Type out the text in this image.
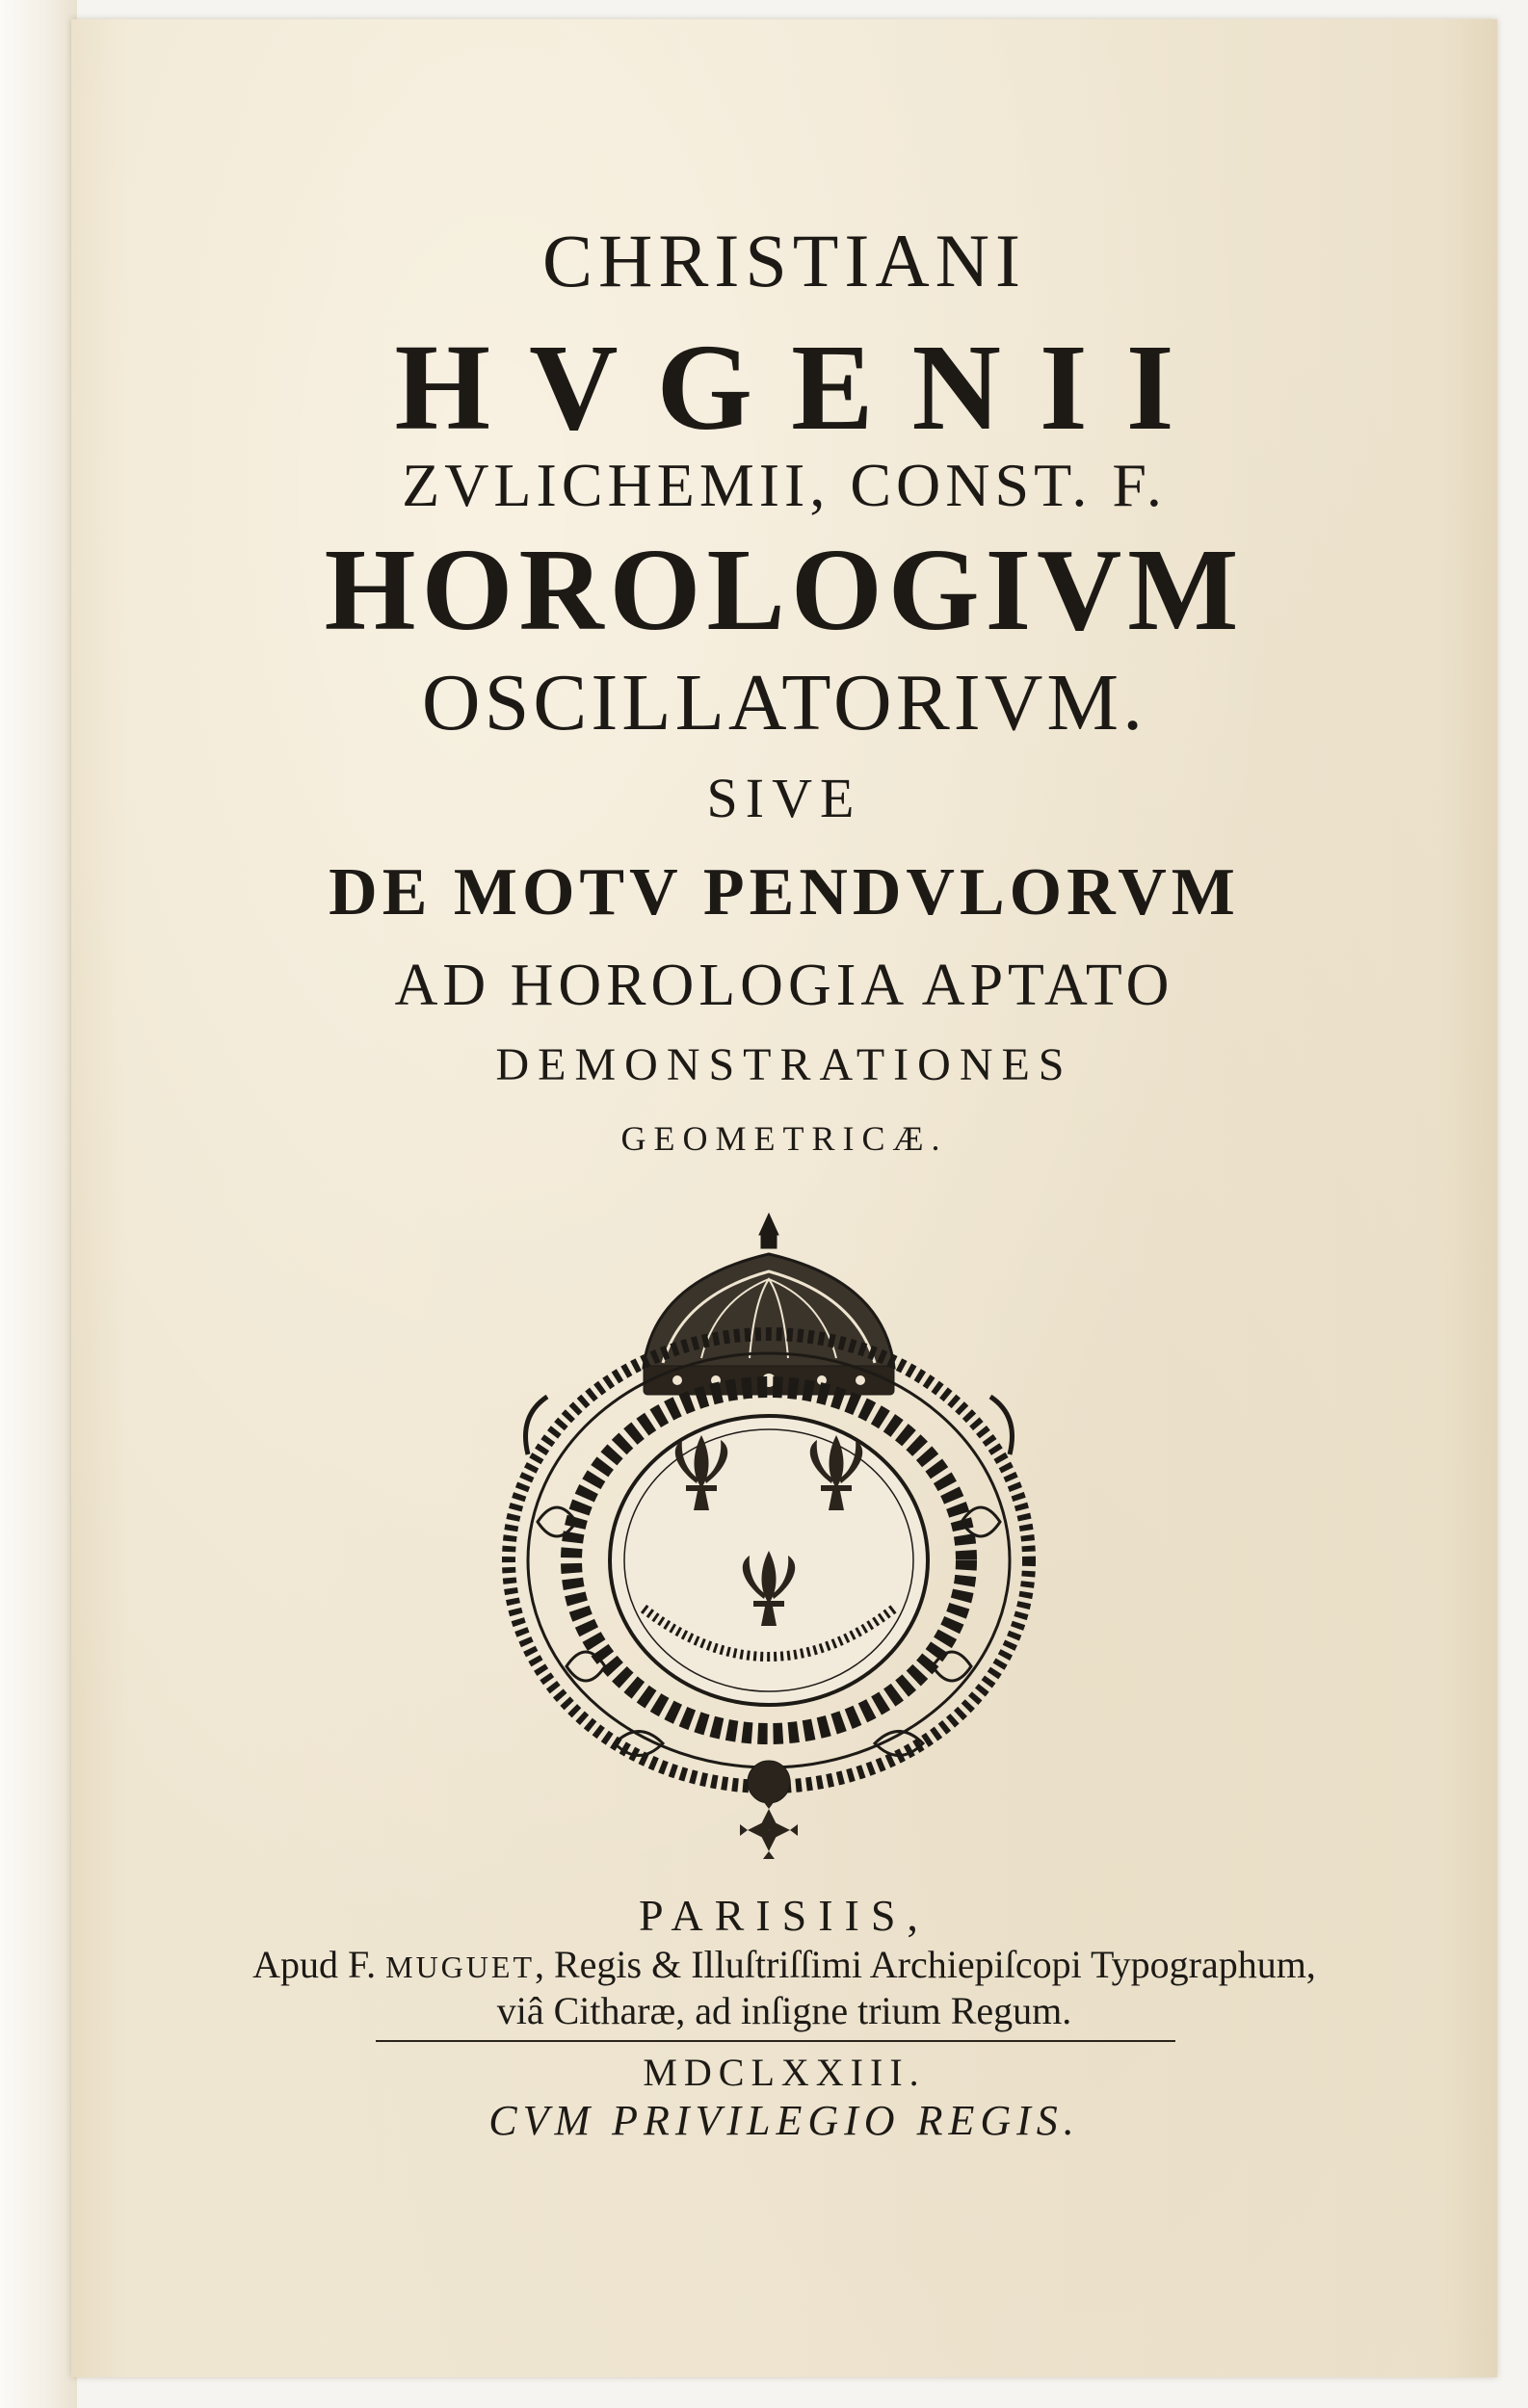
CHRISTIANI
HVGENII
ZVLICHEMII, CONST. F.
HOROLOGIVM
OSCILLATORIVM.
SIVE
DE MOTV PENDVLORVM
AD HOROLOGIA APTATO
DEMONSTRATIONES
GEOMETRICÆ.
PARISIIS,
Apud F. MUGUET, Regis & Illuſtriſſimi Archiepiſcopi Typographum,
viâ Citharæ, ad inſigne trium Regum.
MDCLXXIII.
CVM PRIVILEGIO REGIS.
